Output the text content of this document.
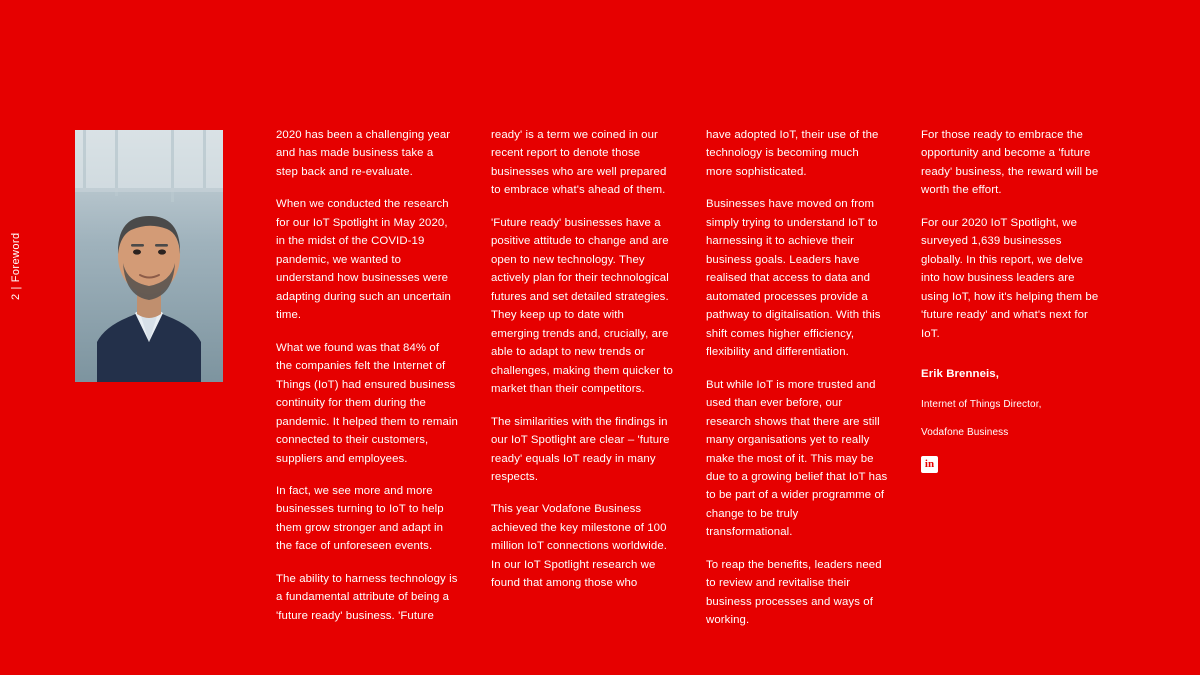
2|Foreword

2020 has been a challenging year and has made business take a step back and re-evaluate.

When we conducted the research for our IoT Spotlight in May 2020, in the midst of the COVID-19 pandemic, we wanted to understand how businesses were adapting during such an uncertain time.

What we found was that 84% of the companies felt the Internet of Things (IoT) had ensured business continuity for them during the pandemic. It helped them to remain connected to their customers, suppliers and employees.

In fact, we see more and more businesses turning to IoT to help them grow stronger and adapt in the face of unforeseen events.

The ability to harness technology is a fundamental attribute of being a 'future ready' business. 'Future

ready' is a term we coined in our recent report to denote those businesses who are well prepared to embrace what's ahead of them.

'Future ready' businesses have a positive attitude to change and are open to new technology. They actively plan for their technological futures and set detailed strategies. They keep up to date with emerging trends and, crucially, are able to adapt to new trends or challenges, making them quicker to market than their competitors.

The similarities with the findings in our IoT Spotlight are clear – 'future ready' equals IoT ready in many respects.

This year Vodafone Business achieved the key milestone of 100 million IoT connections worldwide. In our IoT Spotlight research we found that among those who

have adopted IoT, their use of the technology is becoming much more sophisticated.

Businesses have moved on from simply trying to understand IoT to harnessing it to achieve their business goals. Leaders have realised that access to data and automated processes provide a pathway to digitalisation. With this shift comes higher efficiency, flexibility and differentiation.

But while IoT is more trusted and used than ever before, our research shows that there are still many organisations yet to really make the most of it. This may be due to a growing belief that IoT has to be part of a wider programme of change to be truly transformational.

To reap the benefits, leaders need to review and revitalise their business processes and ways of working.

For those ready to embrace the opportunity and become a 'future ready' business, the reward will be worth the effort.

For our 2020 IoT Spotlight, we surveyed 1,639 businesses globally. In this report, we delve into how business leaders are using IoT, how it's helping them be 'future ready' and what's next for IoT.

Erik Brenneis,

Internet of Things Director,

Vodafone Business

in
